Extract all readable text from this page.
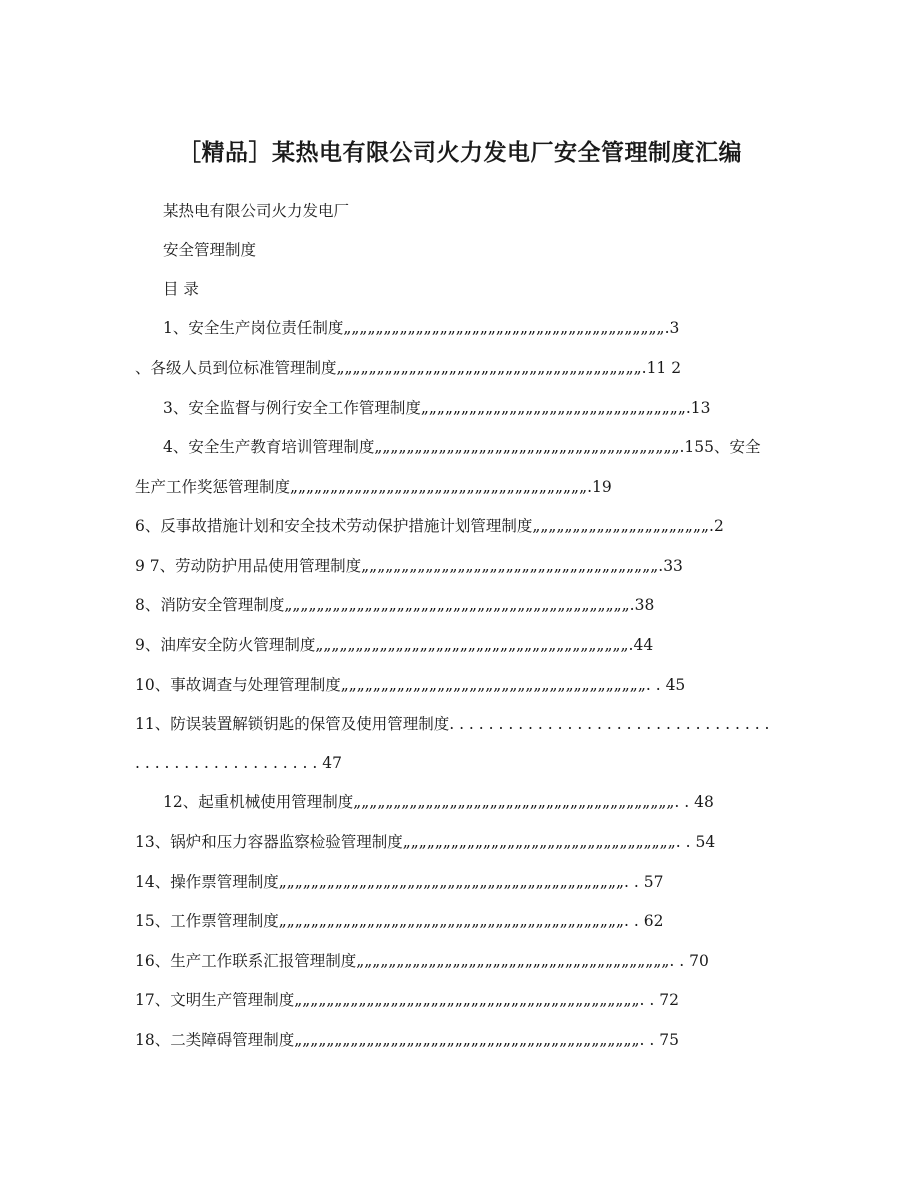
［精品］某热电有限公司火力发电厂安全管理制度汇编
某热电有限公司火力发电厂
安全管理制度
目 录
1、安全生产岗位责任制度„„„„„„„„„„„„„„„„„„„„„„„„„„„„„„„„„„„„„„„„.3
、各级人员到位标准管理制度„„„„„„„„„„„„„„„„„„„„„„„„„„„„„„„„„„„„„„.11 2
3、安全监督与例行安全工作管理制度„„„„„„„„„„„„„„„„„„„„„„„„„„„„„„„„„.13
4、安全生产教育培训管理制度„„„„„„„„„„„„„„„„„„„„„„„„„„„„„„„„„„„„„„.155、安全
生产工作奖惩管理制度„„„„„„„„„„„„„„„„„„„„„„„„„„„„„„„„„„„„„.19
6、反事故措施计划和安全技术劳动保护措施计划管理制度„„„„„„„„„„„„„„„„„„„„„„.2
9 7、劳动防护用品使用管理制度„„„„„„„„„„„„„„„„„„„„„„„„„„„„„„„„„„„„„.33
8、消防安全管理制度„„„„„„„„„„„„„„„„„„„„„„„„„„„„„„„„„„„„„„„„„„„.38
9、油库安全防火管理制度„„„„„„„„„„„„„„„„„„„„„„„„„„„„„„„„„„„„„„„.44
10、事故调查与处理管理制度„„„„„„„„„„„„„„„„„„„„„„„„„„„„„„„„„„„„„„. . 45
11、防误装置解锁钥匙的保管及使用管理制度. . . . . . . . . . . . . . . . . . . . . . . . . . . . . . . . .
. . . . . . . . . . . . . . . . . . . 47
12、起重机械使用管理制度„„„„„„„„„„„„„„„„„„„„„„„„„„„„„„„„„„„„„„„„. . 48
13、锅炉和压力容器监察检验管理制度„„„„„„„„„„„„„„„„„„„„„„„„„„„„„„„„„„. . 54
14、操作票管理制度„„„„„„„„„„„„„„„„„„„„„„„„„„„„„„„„„„„„„„„„„„„. . 57
15、工作票管理制度„„„„„„„„„„„„„„„„„„„„„„„„„„„„„„„„„„„„„„„„„„„. . 62
16、生产工作联系汇报管理制度„„„„„„„„„„„„„„„„„„„„„„„„„„„„„„„„„„„„„„„. . 70
17、文明生产管理制度„„„„„„„„„„„„„„„„„„„„„„„„„„„„„„„„„„„„„„„„„„„. . 72
18、二类障碍管理制度„„„„„„„„„„„„„„„„„„„„„„„„„„„„„„„„„„„„„„„„„„„. . 75
